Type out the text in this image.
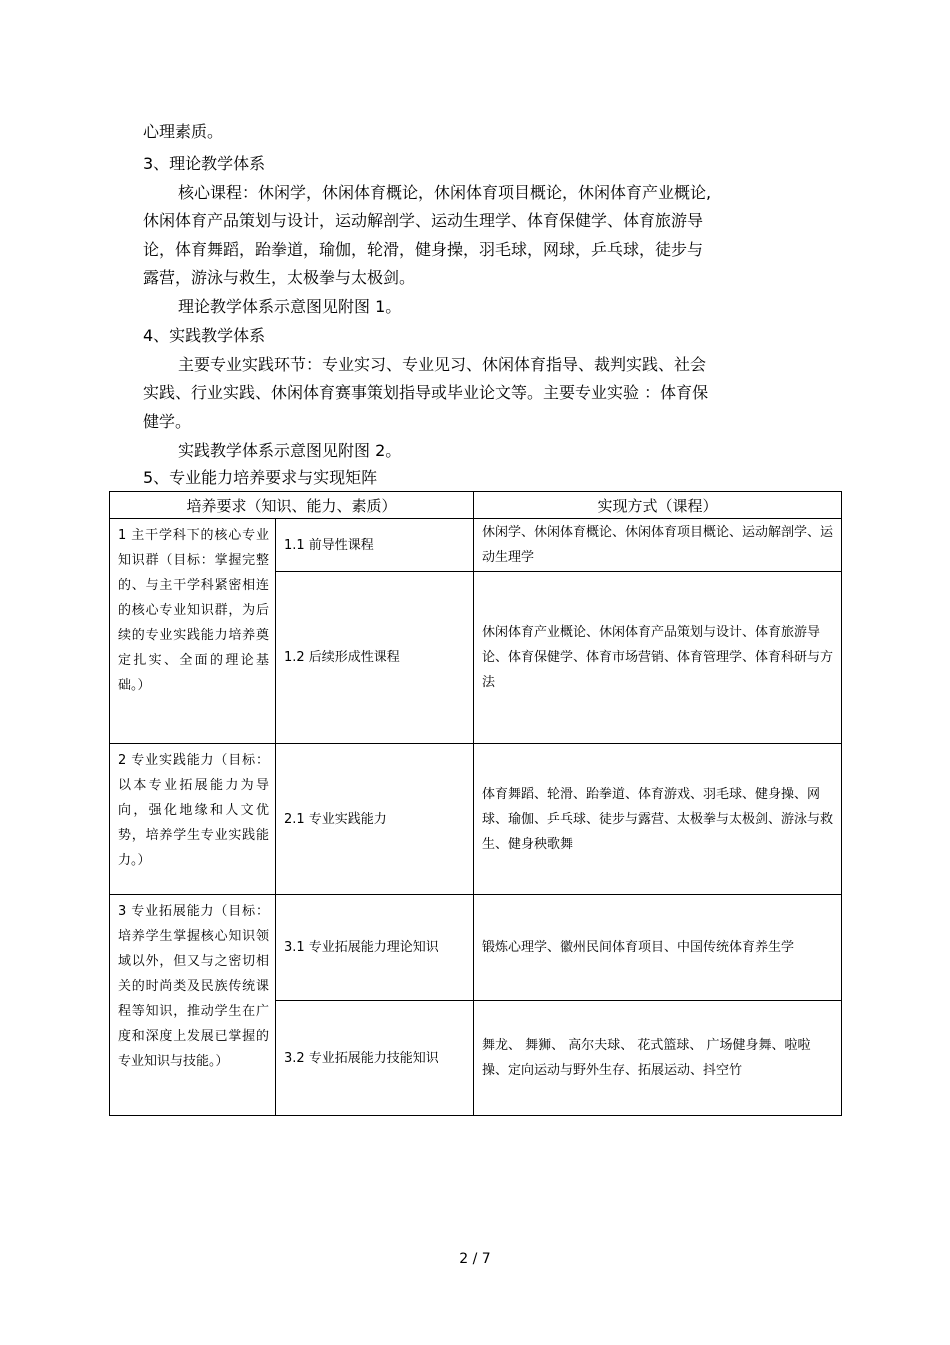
心理素质。
3、理论教学体系
核心课程：休闲学，休闲体育概论，休闲体育项目概论，休闲体育产业概论,
休闲体育产品策划与设计，运动解剖学、运动生理学、体育保健学、体育旅游导
论，体育舞蹈，跆拳道，瑜伽，轮滑，健身操，羽毛球，网球，乒乓球，徒步与
露营，游泳与救生，太极拳与太极剑。
理论教学体系示意图见附图 1。
4、实践教学体系
主要专业实践环节：专业实习、专业见习、休闲体育指导、裁判实践、社会
实践、行业实践、休闲体育赛事策划指导或毕业论文等。主要专业实验 ：体育保
健学。
实践教学体系示意图见附图 2。
5、专业能力培养要求与实现矩阵
培养要求（知识、能力、素质）		实现方式（课程）
1 主干学科下的核心专业知识群（目标：掌握完整的、与主干学科紧密相连的核心专业知识群，为后续的专业实践能力培养奠定扎实、全面的理论基础。）	1.1 前导性课程	休闲学、休闲体育概论、休闲体育项目概论、运动解剖学、运动生理学
	1.2 后续形成性课程	休闲体育产业概论、休闲体育产品策划与设计、体育旅游导论、体育保健学、体育市场营销、体育管理学、体育科研与方法
2 专业实践能力（目标：以本专业拓展能力为导向，强化地缘和人文优势，培养学生专业实践能力。）	2.1 专业实践能力	体育舞蹈、轮滑、跆拳道、体育游戏、羽毛球、健身操、网球、瑜伽、乒乓球、徒步与露营、太极拳与太极剑、游泳与救生、健身秧歌舞
3 专业拓展能力（目标：培养学生掌握核心知识领域以外，但又与之密切相关的时尚类及民族传统课程等知识，推动学生在广度和深度上发展已掌握的专业知识与技能。）	3.1 专业拓展能力理论知识	锻炼心理学、徽州民间体育项目、中国传统体育养生学
	3.2 专业拓展能力技能知识	舞龙、 舞狮、 高尔夫球、 花式篮球、 广场健身舞、啦啦操、定向运动与野外生存、拓展运动、抖空竹
2 / 7
